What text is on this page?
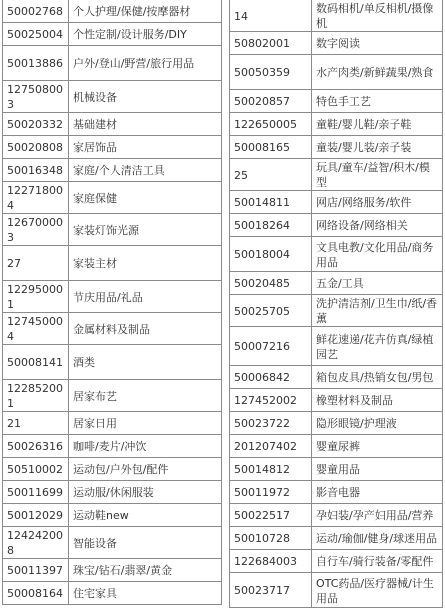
50002768	个人护理/保健/按摩器材
50025004	个性定制/设计服务/DIY
50013886	户外/登山/野营/旅行用品
127508003	机械设备
50020332	基础建材
50020808	家居饰品
50016348	家庭/个人清洁工具
122718004	家庭保健
126700003	家装灯饰光源
27	家装主材
122950001	节庆用品/礼品
127450004	金属材料及制品
50008141	酒类
122852001	居家布艺
21	居家日用
50026316	咖啡/麦片/冲饮
50510002	运动包/户外包/配件
50011699	运动服/休闲服装
50012029	运动鞋new
124242008	智能设备
50011397	珠宝/钻石/翡翠/黄金
50008164	住宅家具
14	数码相机/单反相机/摄像机
50802001	数字阅读
50050359	水产肉类/新鲜蔬果/熟食
50020857	特色手工艺
122650005	童鞋/婴儿鞋/亲子鞋
50008165	童装/婴儿装/亲子装
25	玩具/童车/益智/积木/模型
50014811	网店/网络服务/软件
50018264	网络设备/网络相关
50018004	文具电教/文化用品/商务用品
50020485	五金/工具
50025705	洗护清洁剂/卫生巾/纸/香薰
50007216	鲜花速递/花卉仿真/绿植园艺
50006842	箱包皮具/热销女包/男包
127452002	橡塑材料及制品
50023722	隐形眼镜/护理液
201207402	婴童尿裤
50014812	婴童用品
50011972	影音电器
50022517	孕妇装/孕产妇用品/营养
50010728	运动/瑜伽/健身/球迷用品
122684003	自行车/骑行装备/零配件
50023717	OTC药品/医疗器械/计生用品
